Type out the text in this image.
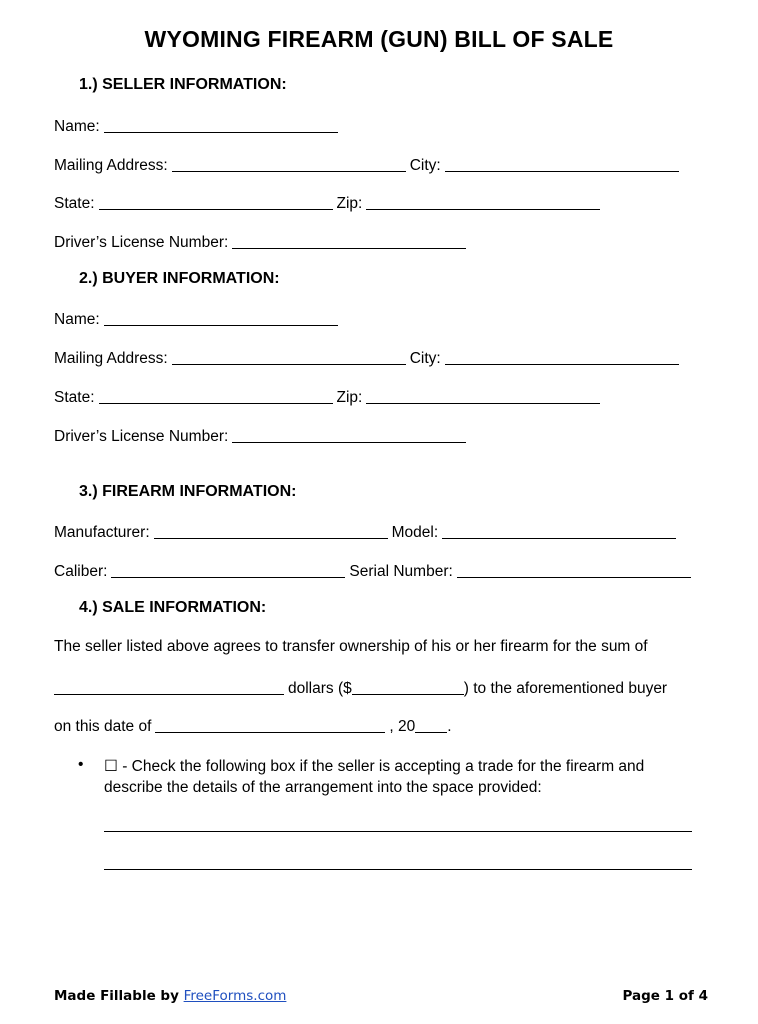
WYOMING FIREARM (GUN) BILL OF SALE
1.) SELLER INFORMATION:
Name:
Mailing Address:	City:
State:	Zip:
Driver’s License Number:
2.) BUYER INFORMATION:
Name:
Mailing Address:	City:
State:	Zip:
Driver’s License Number:
3.) FIREARM INFORMATION:
Manufacturer:	Model:
Caliber:	Serial Number:
4.) SALE INFORMATION:
The seller listed above agrees to transfer ownership of his or her firearm for the sum of
dollars ($	) to the aforementioned buyer
on this date of	, 20 .
• ☐ - Check the following box if the seller is accepting a trade for the firearm and describe the details of the arrangement into the space provided:
Made Fillable by FreeForms.com	Page 1 of 4
